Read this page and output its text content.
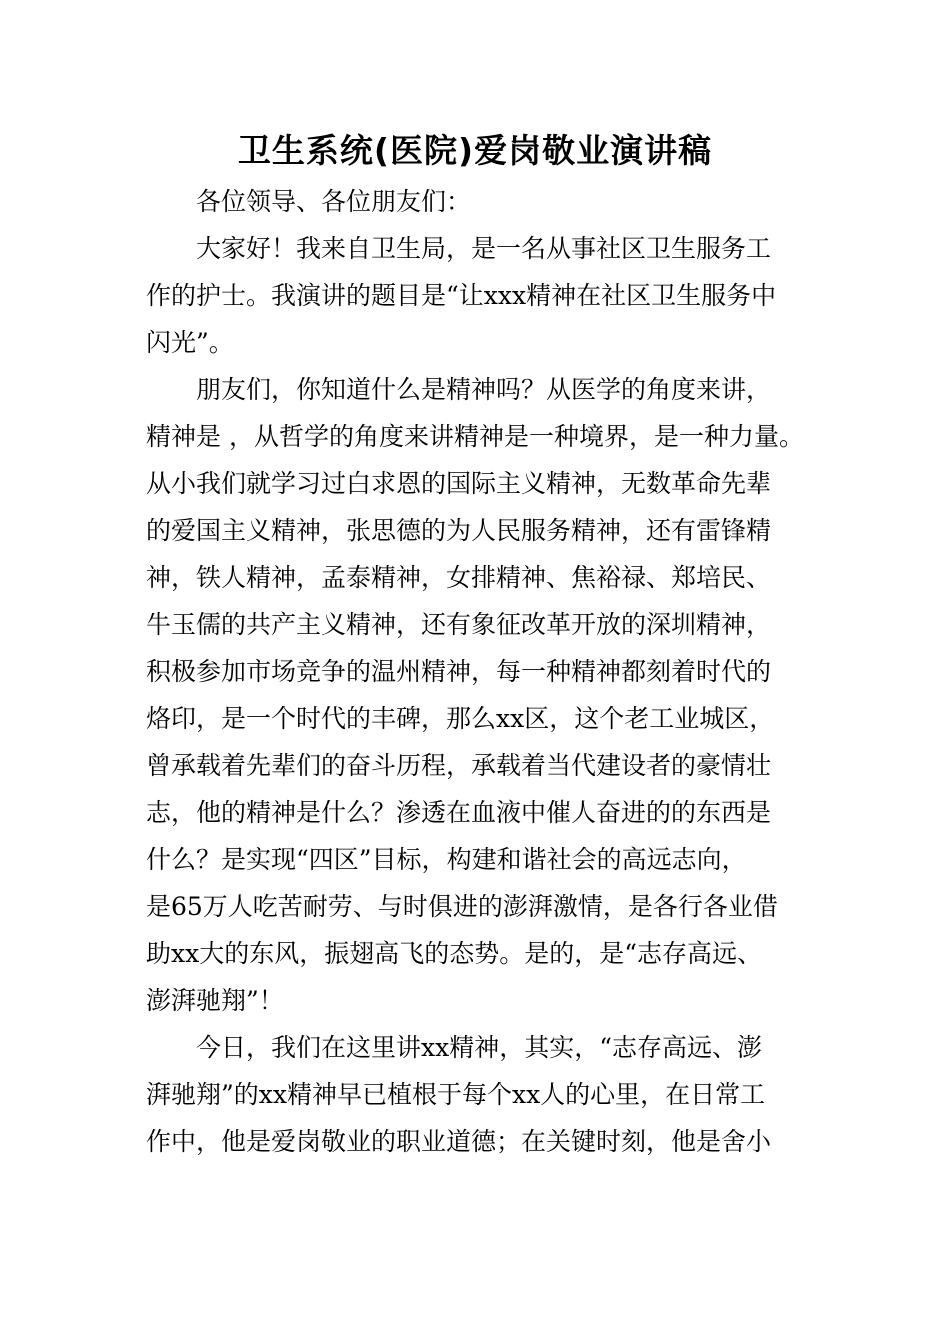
卫生系统(医院)爱岗敬业演讲稿
各位领导、各位朋友们：
大家好！我来自卫生局，是一名从事社区卫生服务工
作的护士。我演讲的题目是“让xxx精神在社区卫生服务中
闪光”。
朋友们，你知道什么是精神吗？从医学的角度来讲，
精神是 ，从哲学的角度来讲精神是一种境界，是一种力量。
从小我们就学习过白求恩的国际主义精神，无数革命先辈
的爱国主义精神，张思德的为人民服务精神，还有雷锋精
神，铁人精神，孟泰精神，女排精神、焦裕禄、郑培民、
牛玉儒的共产主义精神，还有象征改革开放的深圳精神，
积极参加市场竞争的温州精神，每一种精神都刻着时代的
烙印，是一个时代的丰碑，那么xx区，这个老工业城区，
曾承载着先辈们的奋斗历程，承载着当代建设者的豪情壮
志，他的精神是什么？渗透在血液中催人奋进的的东西是
什么？是实现“四区”目标，构建和谐社会的高远志向，
是65万人吃苦耐劳、与时俱进的澎湃激情，是各行各业借
助xx大的东风，振翅高飞的态势。是的，是“志存高远、
澎湃驰翔”！
今日，我们在这里讲xx精神，其实，“志存高远、澎
湃驰翔”的xx精神早已植根于每个xx人的心里，在日常工
作中，他是爱岗敬业的职业道德；在关键时刻，他是舍小
